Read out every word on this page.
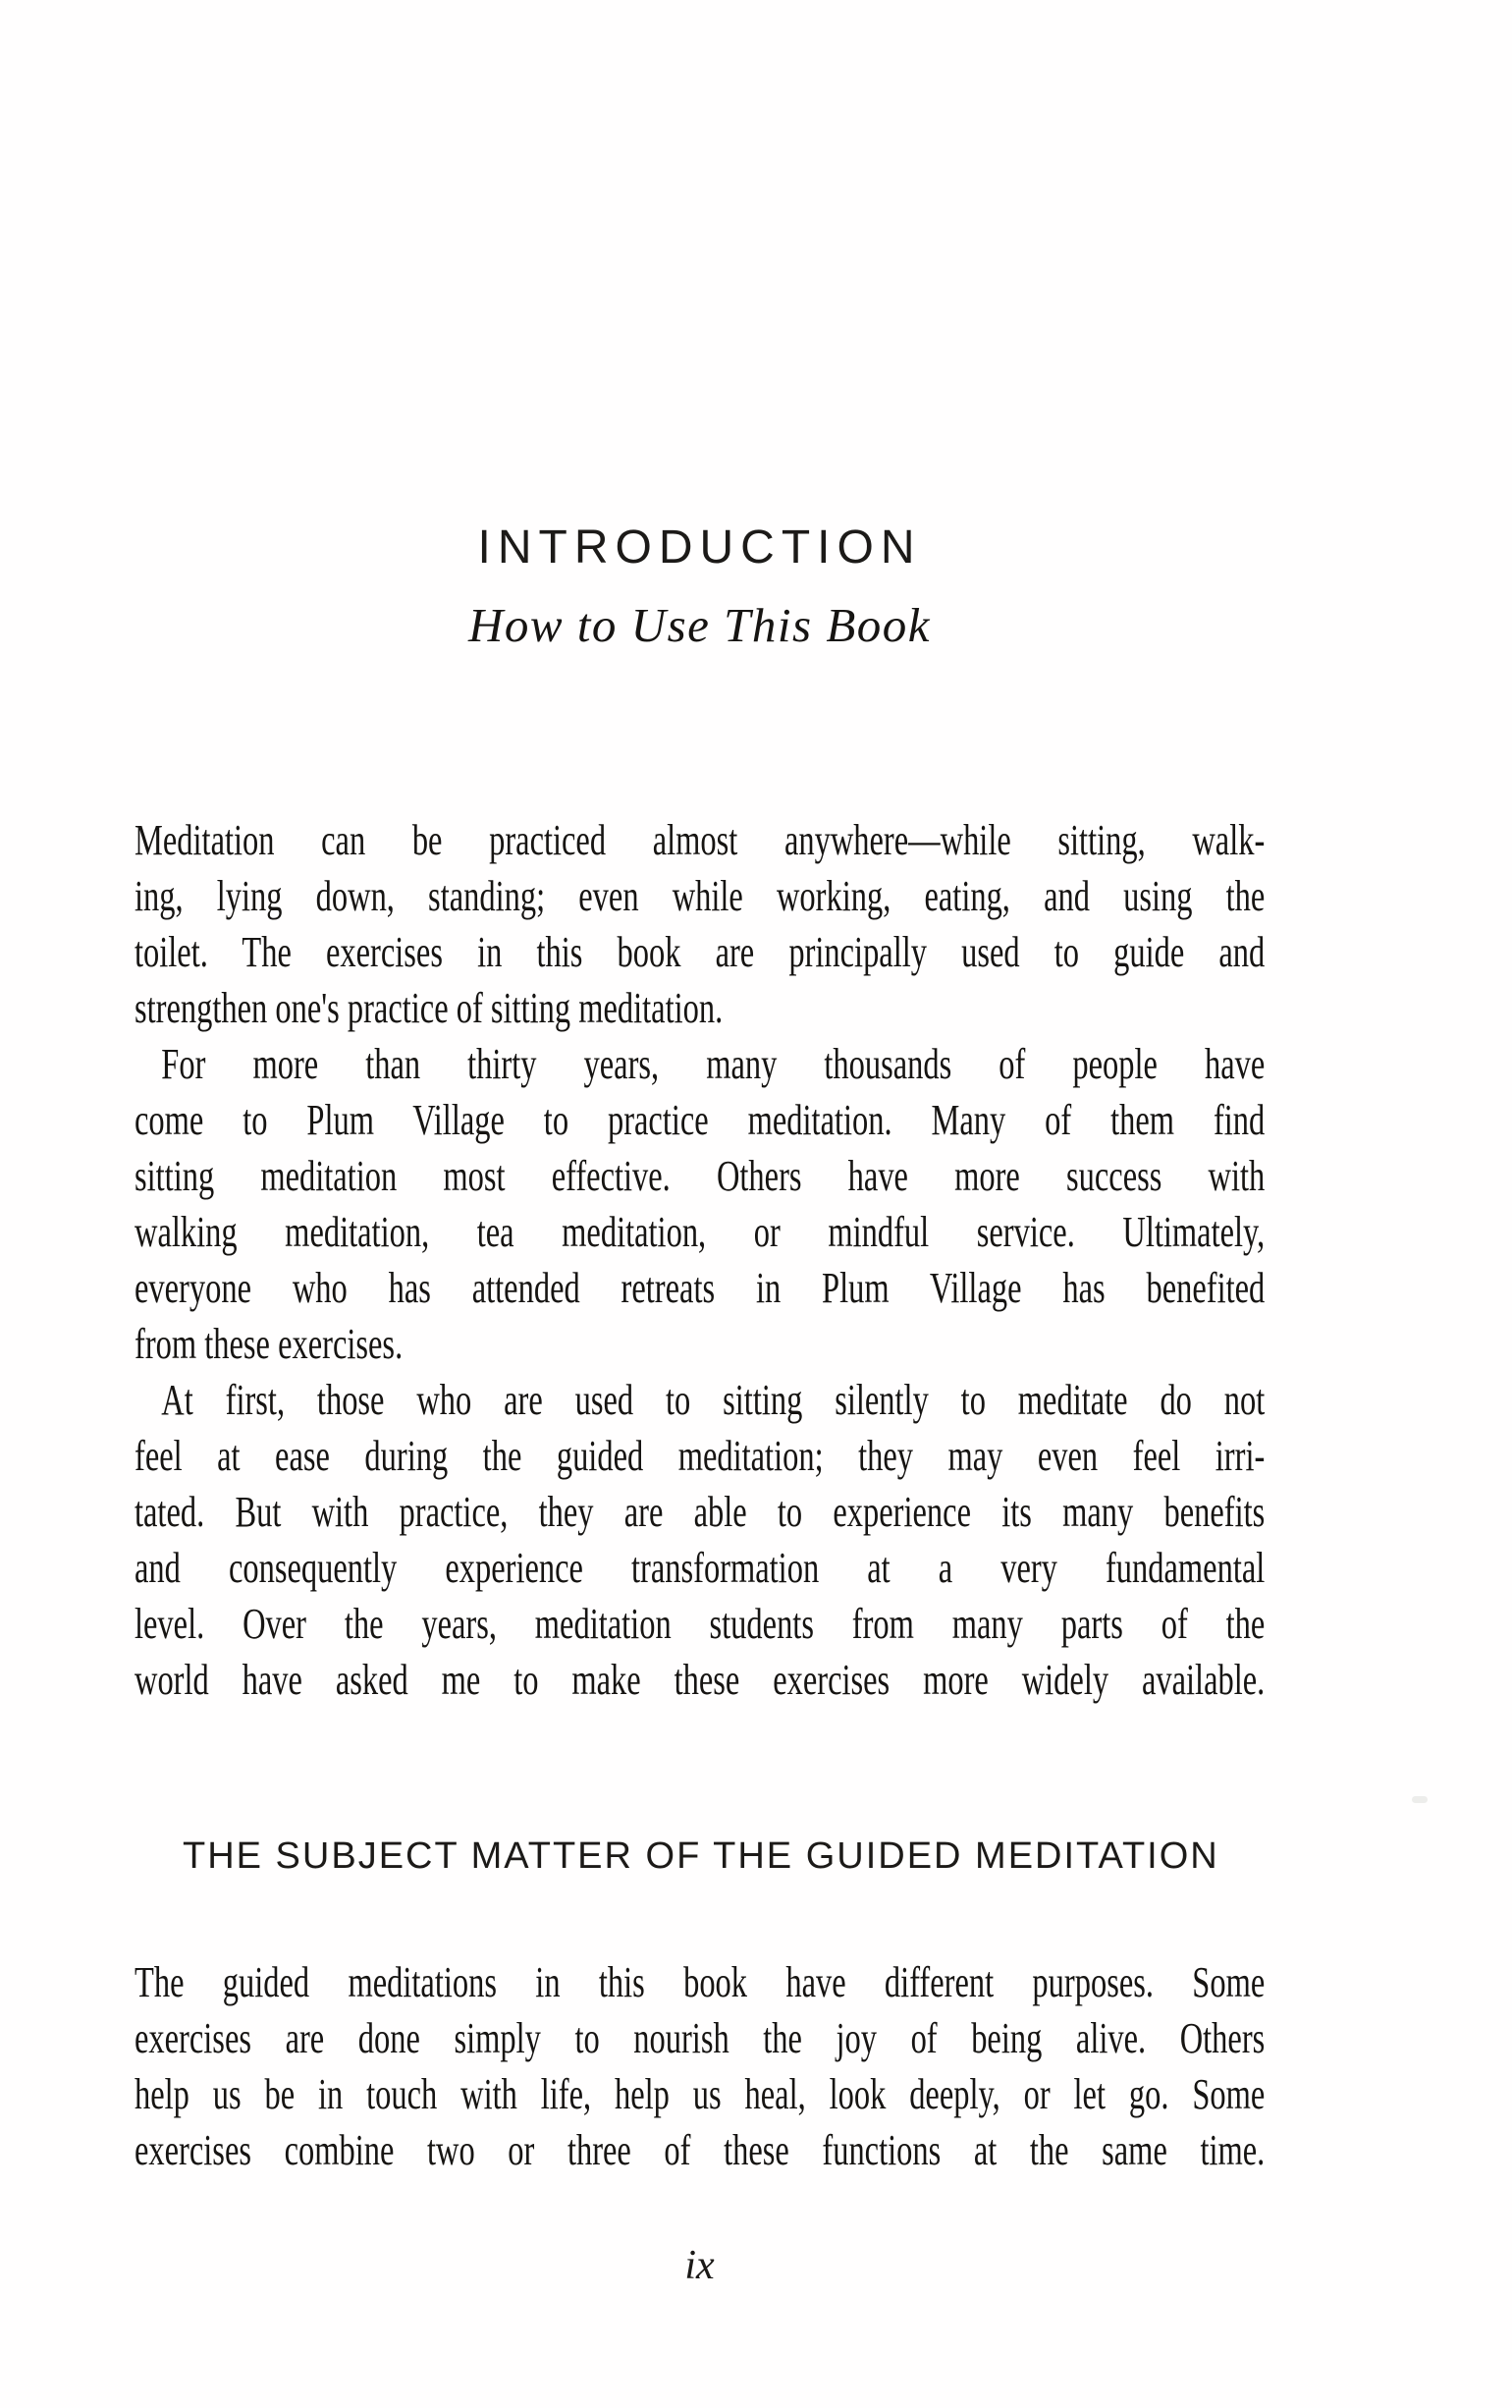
INTRODUCTION
How to Use This Book
Meditation can be practiced almost anywhere—while sitting, walk-
ing, lying down, standing; even while working, eating, and using the
toilet. The exercises in this book are principally used to guide and
strengthen one's practice of sitting meditation.
For more than thirty years, many thousands of people have
come to Plum Village to practice meditation. Many of them find
sitting meditation most effective. Others have more success with
walking meditation, tea meditation, or mindful service. Ultimately,
everyone who has attended retreats in Plum Village has benefited
from these exercises.
At first, those who are used to sitting silently to meditate do not
feel at ease during the guided meditation; they may even feel irri-
tated. But with practice, they are able to experience its many benefits
and consequently experience transformation at a very fundamental
level. Over the years, meditation students from many parts of the
world have asked me to make these exercises more widely available.
THE SUBJECT MATTER OF THE GUIDED MEDITATION
The guided meditations in this book have different purposes. Some
exercises are done simply to nourish the joy of being alive. Others
help us be in touch with life, help us heal, look deeply, or let go. Some
exercises combine two or three of these functions at the same time.
ix
